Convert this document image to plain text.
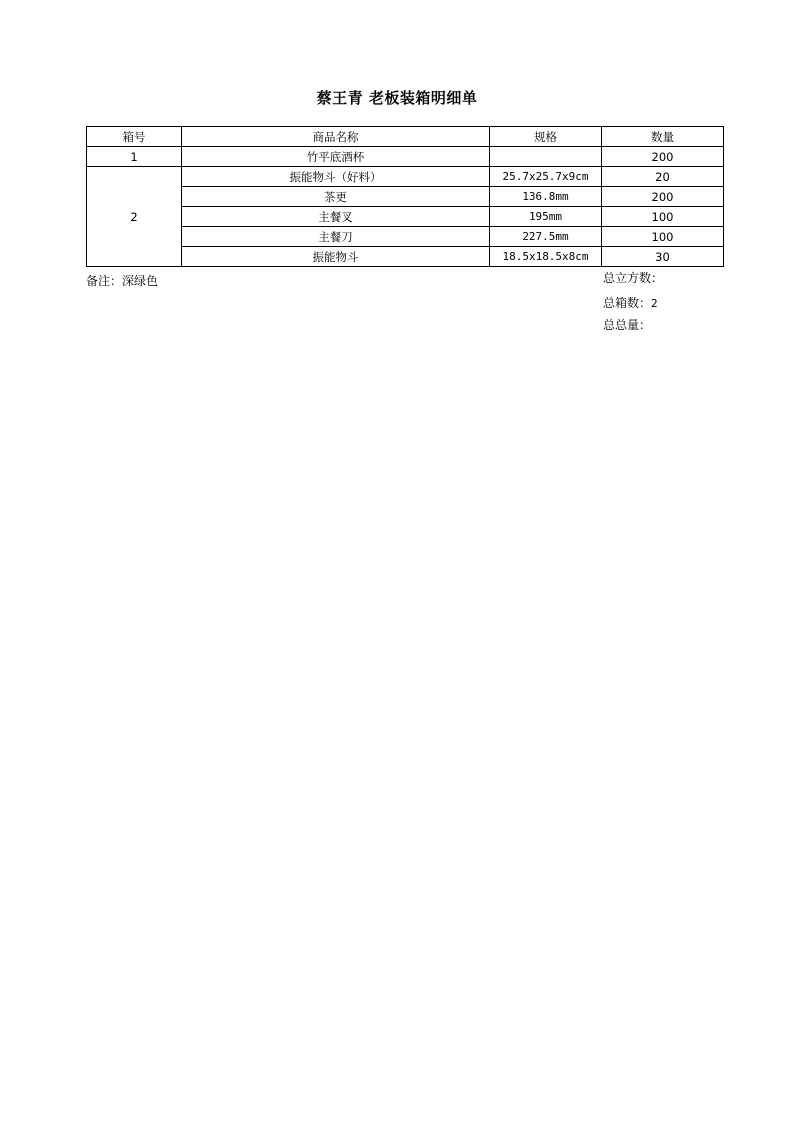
蔡王青 老板装箱明细单
箱号	商品名称	规格	数量
1	竹平底酒杯		200
2	振能物斗（好料）	25.7x25.7x9cm	20
	茶更	136.8mm	200
	主餐叉	195mm	100
	主餐刀	227.5mm	100
	振能物斗	18.5x18.5x8cm	30
备注：深绿色	总立方数：
总箱数：2
总总量：
